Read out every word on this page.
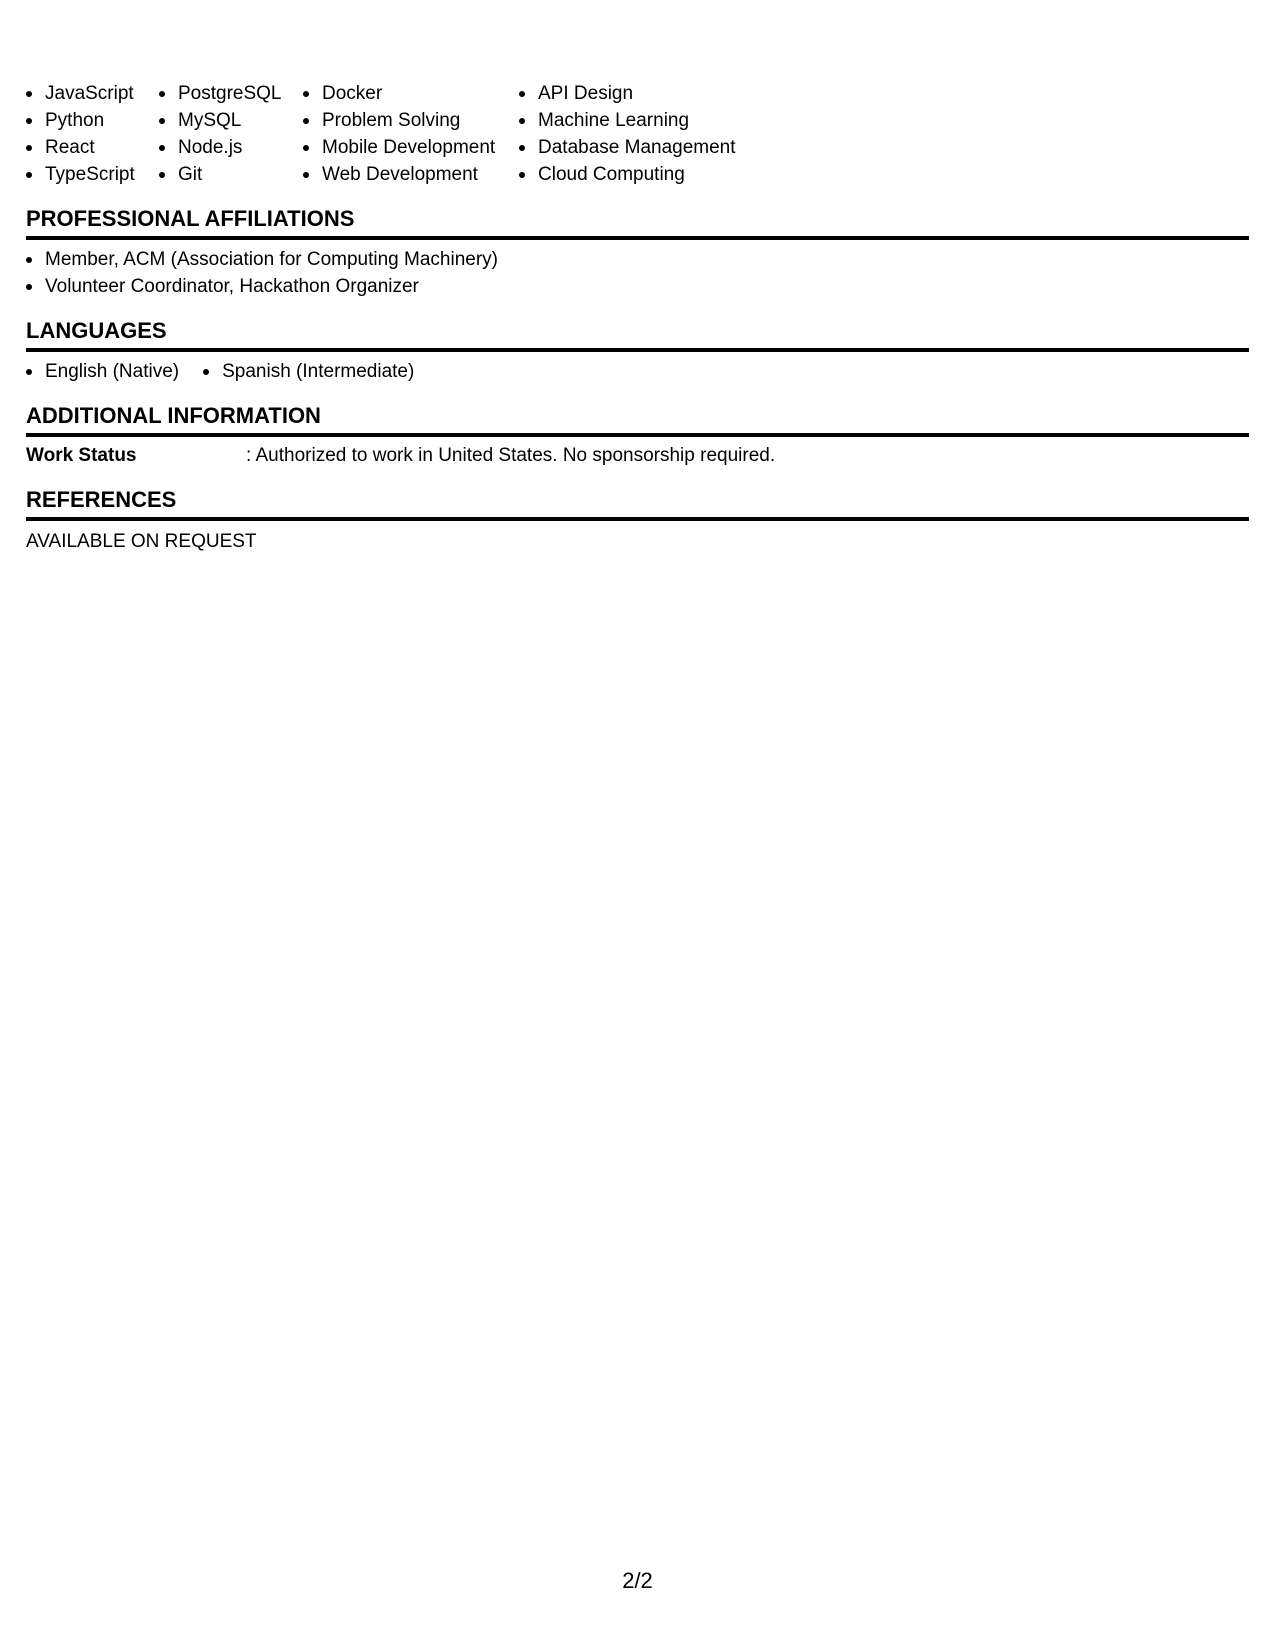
JavaScript
Python
React
TypeScript
PostgreSQL
MySQL
Node.js
Git
Docker
Problem Solving
Mobile Development
Web Development
API Design
Machine Learning
Database Management
Cloud Computing
PROFESSIONAL AFFILIATIONS
Member, ACM (Association for Computing Machinery)
Volunteer Coordinator, Hackathon Organizer
LANGUAGES
English (Native)	Spanish (Intermediate)
ADDITIONAL INFORMATION
Work Status	: Authorized to work in United States. No sponsorship required.
REFERENCES
AVAILABLE ON REQUEST
2/2
